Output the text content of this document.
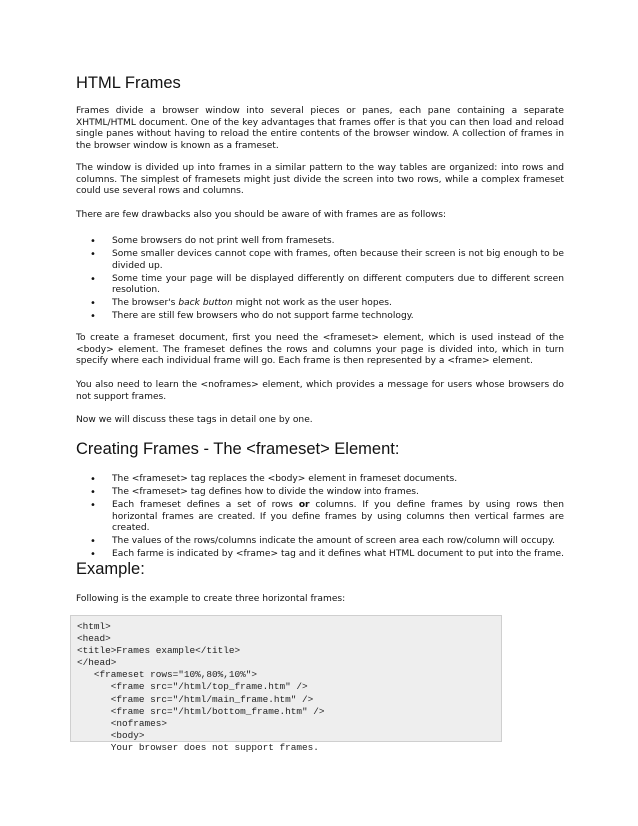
HTML Frames

Frames divide a browser window into several pieces or panes, each pane containing a separate XHTML/HTML document. One of the key advantages that frames offer is that you can then load and reload single panes without having to reload the entire contents of the browser window. A collection of frames in the browser window is known as a frameset.

The window is divided up into frames in a similar pattern to the way tables are organized: into rows and columns. The simplest of framesets might just divide the screen into two rows, while a complex frameset could use several rows and columns.

There are few drawbacks also you should be aware of with frames are as follows:

• Some browsers do not print well from framesets.
• Some smaller devices cannot cope with frames, often because their screen is not big enough to be divided up.
• Some time your page will be displayed differently on different computers due to different screen resolution.
• The browser's back button might not work as the user hopes.
• There are still few browsers who do not support farme technology.

To create a frameset document, first you need the <frameset> element, which is used instead of the <body> element. The frameset defines the rows and columns your page is divided into, which in turn specify where each individual frame will go. Each frame is then represented by a <frame> element.

You also need to learn the <noframes> element, which provides a message for users whose browsers do not support frames.

Now we will discuss these tags in detail one by one.

Creating Frames - The <frameset> Element:
• The <frameset> tag replaces the <body> element in frameset documents.
• The <frameset> tag defines how to divide the window into frames.
• Each frameset defines a set of rows or columns. If you define frames by using rows then horizontal frames are created. If you define frames by using columns then vertical farmes are created.
• The values of the rows/columns indicate the amount of screen area each row/column will occupy.
• Each farme is indicated by <frame> tag and it defines what HTML document to put into the frame.
Example:

Following is the example to create three horizontal frames:

<html>
<head>
<title>Frames example</title>
</head>
<frameset rows="10%,80%,10%">
<frame src="/html/top_frame.htm" />
<frame src="/html/main_frame.htm" />
<frame src="/html/bottom_frame.htm" />
<noframes>
<body>
Your browser does not support frames.
